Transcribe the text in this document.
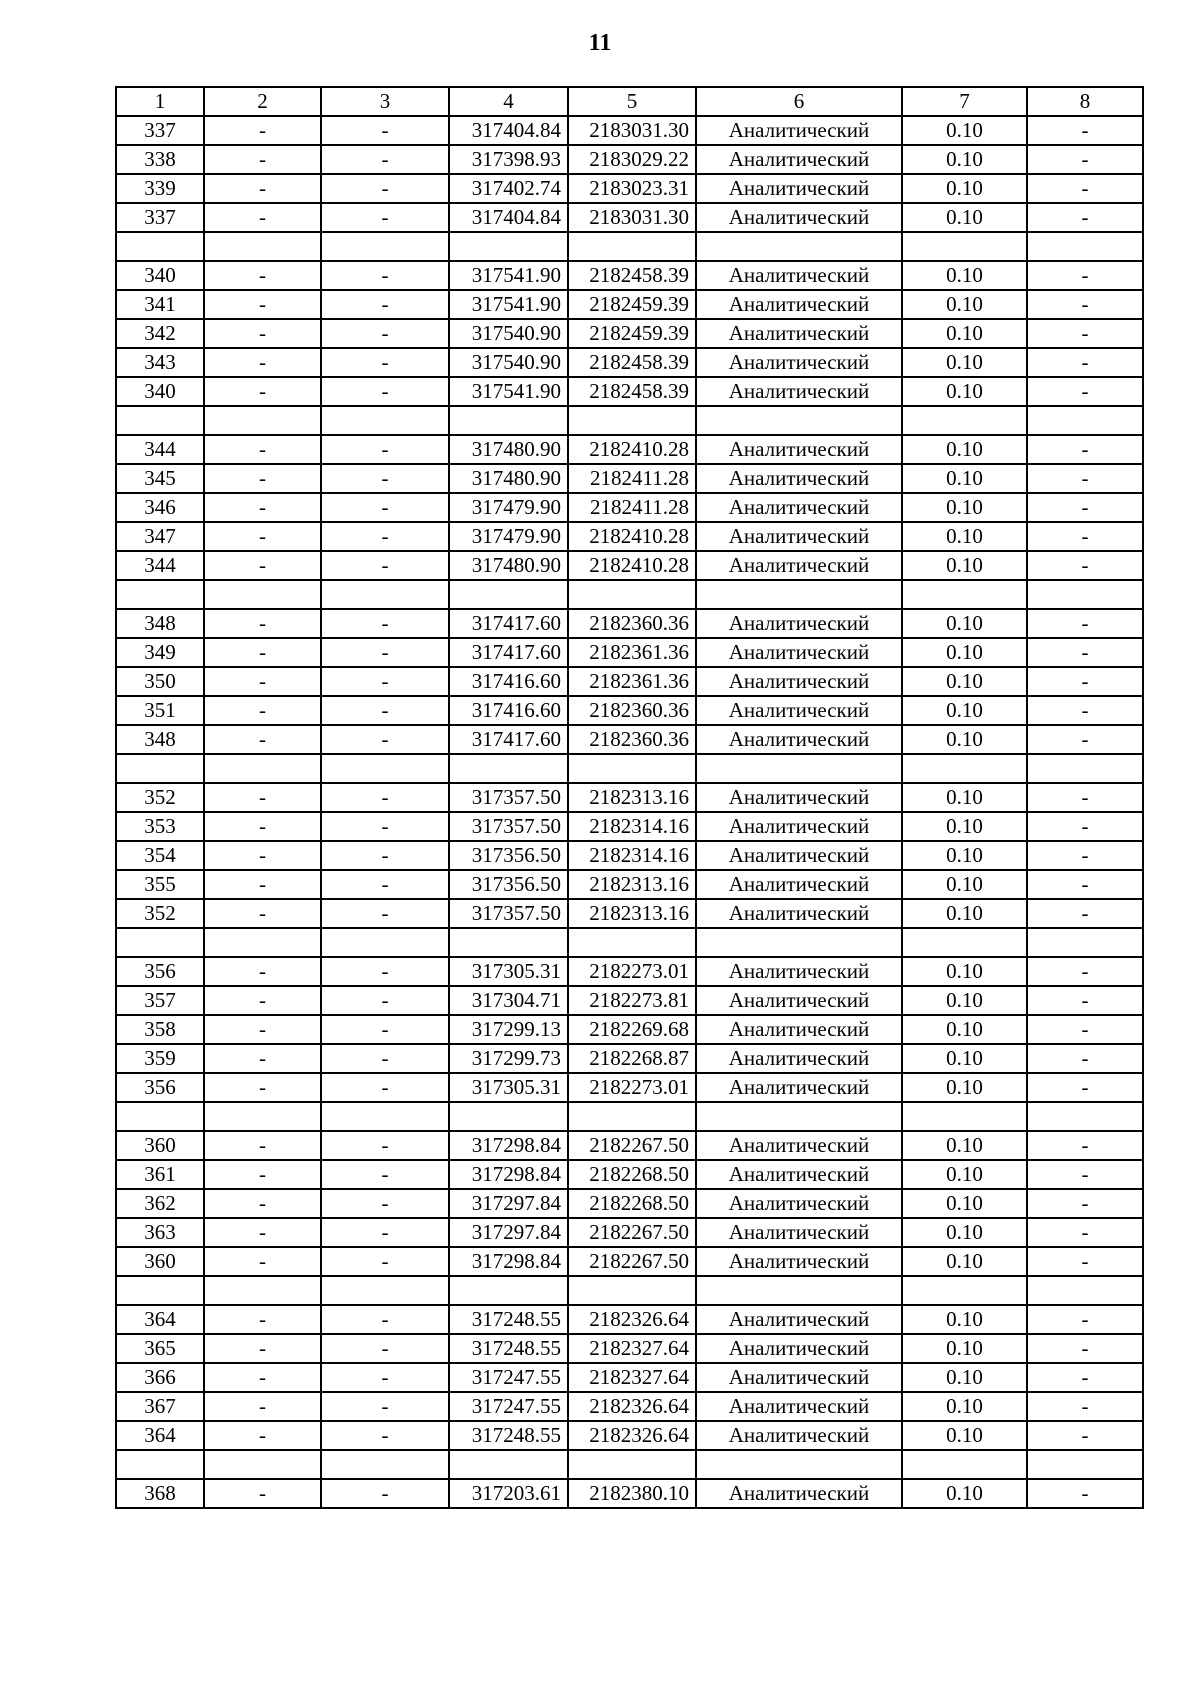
11
1	2	3	4	5	6	7	8
337	-	-	317404.84	2183031.30	Аналитический	0.10	-
338	-	-	317398.93	2183029.22	Аналитический	0.10	-
339	-	-	317402.74	2183023.31	Аналитический	0.10	-
337	-	-	317404.84	2183031.30	Аналитический	0.10	-

340	-	-	317541.90	2182458.39	Аналитический	0.10	-
341	-	-	317541.90	2182459.39	Аналитический	0.10	-
342	-	-	317540.90	2182459.39	Аналитический	0.10	-
343	-	-	317540.90	2182458.39	Аналитический	0.10	-
340	-	-	317541.90	2182458.39	Аналитический	0.10	-

344	-	-	317480.90	2182410.28	Аналитический	0.10	-
345	-	-	317480.90	2182411.28	Аналитический	0.10	-
346	-	-	317479.90	2182411.28	Аналитический	0.10	-
347	-	-	317479.90	2182410.28	Аналитический	0.10	-
344	-	-	317480.90	2182410.28	Аналитический	0.10	-

348	-	-	317417.60	2182360.36	Аналитический	0.10	-
349	-	-	317417.60	2182361.36	Аналитический	0.10	-
350	-	-	317416.60	2182361.36	Аналитический	0.10	-
351	-	-	317416.60	2182360.36	Аналитический	0.10	-
348	-	-	317417.60	2182360.36	Аналитический	0.10	-

352	-	-	317357.50	2182313.16	Аналитический	0.10	-
353	-	-	317357.50	2182314.16	Аналитический	0.10	-
354	-	-	317356.50	2182314.16	Аналитический	0.10	-
355	-	-	317356.50	2182313.16	Аналитический	0.10	-
352	-	-	317357.50	2182313.16	Аналитический	0.10	-

356	-	-	317305.31	2182273.01	Аналитический	0.10	-
357	-	-	317304.71	2182273.81	Аналитический	0.10	-
358	-	-	317299.13	2182269.68	Аналитический	0.10	-
359	-	-	317299.73	2182268.87	Аналитический	0.10	-
356	-	-	317305.31	2182273.01	Аналитический	0.10	-

360	-	-	317298.84	2182267.50	Аналитический	0.10	-
361	-	-	317298.84	2182268.50	Аналитический	0.10	-
362	-	-	317297.84	2182268.50	Аналитический	0.10	-
363	-	-	317297.84	2182267.50	Аналитический	0.10	-
360	-	-	317298.84	2182267.50	Аналитический	0.10	-

364	-	-	317248.55	2182326.64	Аналитический	0.10	-
365	-	-	317248.55	2182327.64	Аналитический	0.10	-
366	-	-	317247.55	2182327.64	Аналитический	0.10	-
367	-	-	317247.55	2182326.64	Аналитический	0.10	-
364	-	-	317248.55	2182326.64	Аналитический	0.10	-

368	-	-	317203.61	2182380.10	Аналитический	0.10	-
